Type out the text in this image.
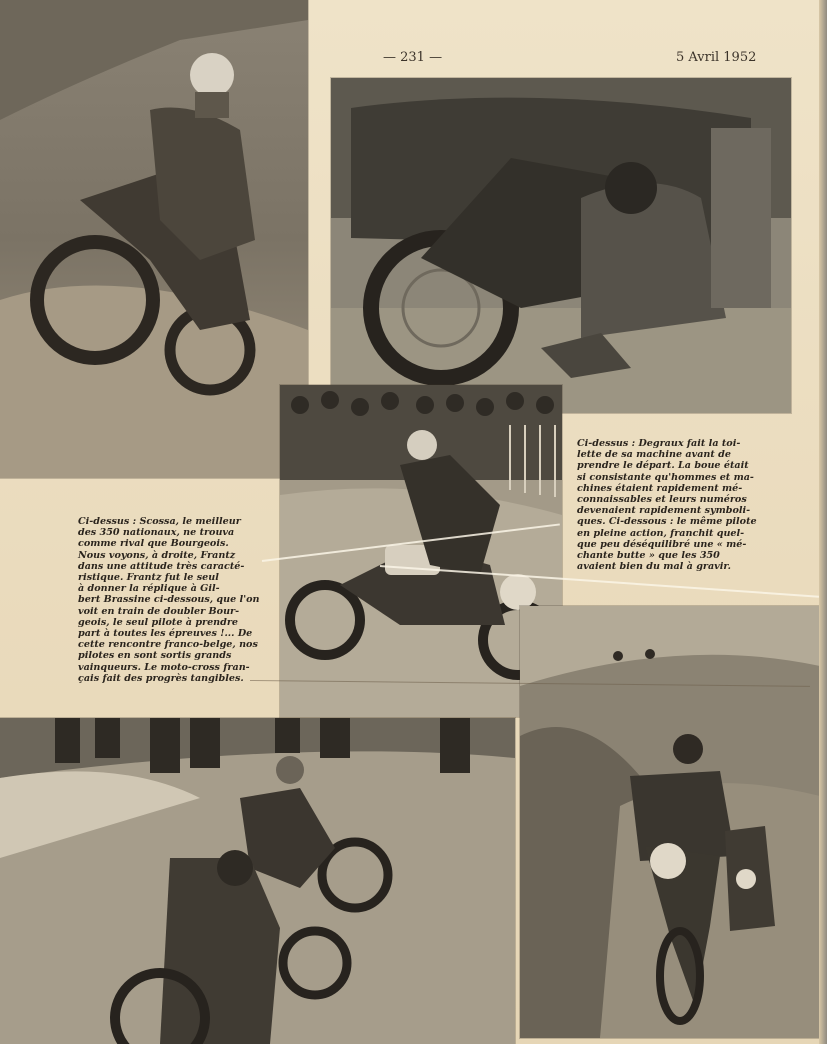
— 231 —	5 Avril 1952
Ci-dessus : Scossa, le meilleur
des 350 nationaux, ne trouva
comme rival que Bourgeois.
Nous voyons, à droite, Frantz
dans une attitude très caracté-
ristique. Frantz fut le seul
à donner la réplique à Gil-
bert Brassine ci-dessous, que l'on
voit en train de doubler Bour-
geois, le seul pilote à prendre
part à toutes les épreuves !... De
cette rencontre franco-belge, nos
pilotes en sont sortis grands
vainqueurs. Le moto-cross fran-
çais fait des progrès tangibles.
Ci-dessus : Degraux fait la toi-
lette de sa machine avant de
prendre le départ. La boue était
si consistante qu'hommes et ma-
chines étaient rapidement mé-
connaissables et leurs numéros
devenaient rapidement symboli-
ques. Ci-dessous : le même pilote
en pleine action, franchit quel-
que peu déséquilibré une « mé-
chante butte » que les 350
avaient bien du mal à gravir.
